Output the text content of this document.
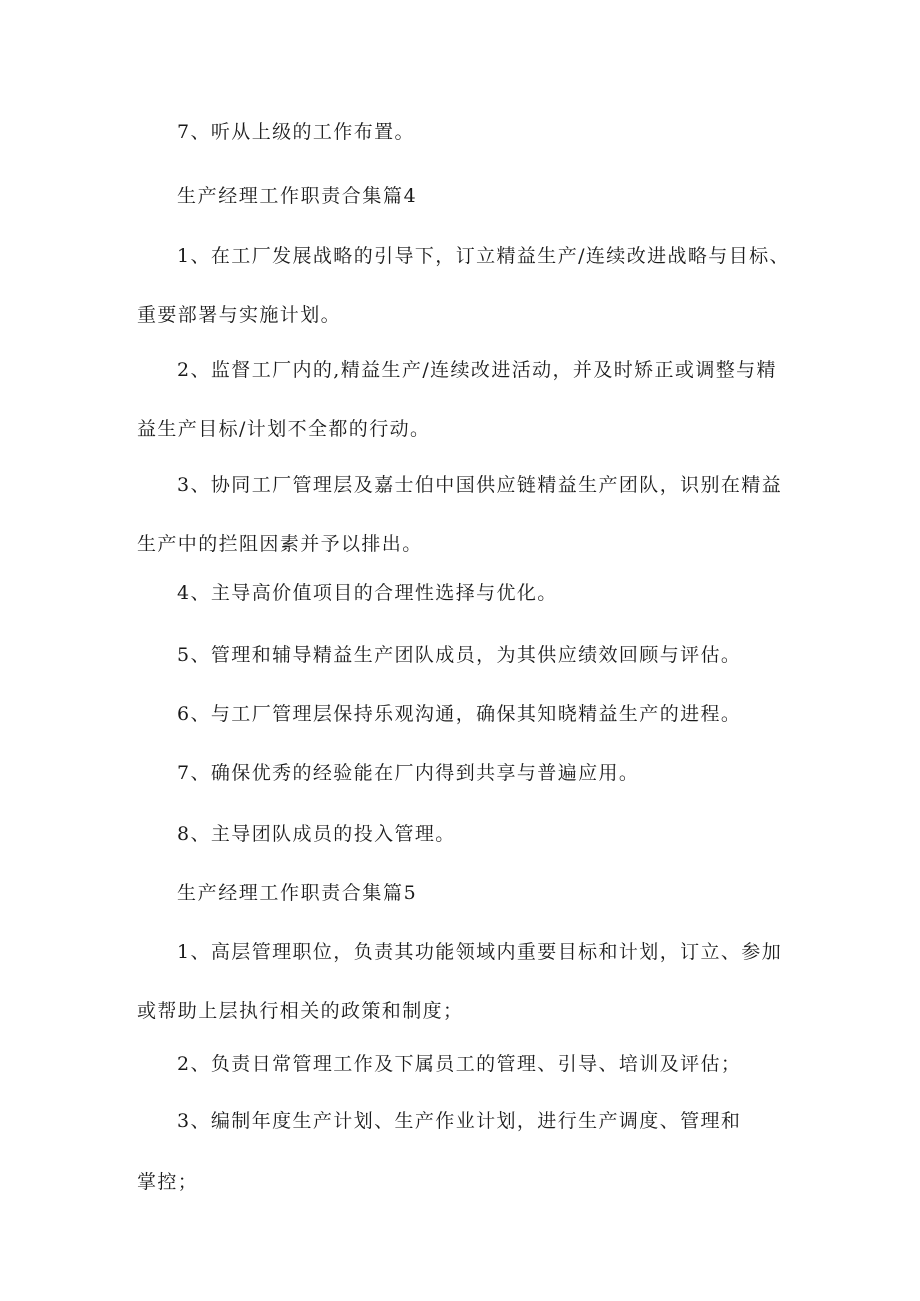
7、听从上级的工作布置。

生产经理工作职责合集篇4

1、在工厂发展战略的引导下，订立精益生产/连续改进战略与目标、重要部署与实施计划。

2、监督工厂内的,精益生产/连续改进活动，并及时矫正或调整与精益生产目标/计划不全都的行动。

3、协同工厂管理层及嘉士伯中国供应链精益生产团队，识别在精益生产中的拦阻因素并予以排出。

4、主导高价值项目的合理性选择与优化。

5、管理和辅导精益生产团队成员，为其供应绩效回顾与评估。

6、与工厂管理层保持乐观沟通，确保其知晓精益生产的进程。

7、确保优秀的经验能在厂内得到共享与普遍应用。

8、主导团队成员的投入管理。

生产经理工作职责合集篇5

1、高层管理职位，负责其功能领域内重要目标和计划，订立、参加或帮助上层执行相关的政策和制度；

2、负责日常管理工作及下属员工的管理、引导、培训及评估；

3、编制年度生产计划、生产作业计划，进行生产调度、管理和

掌控；
